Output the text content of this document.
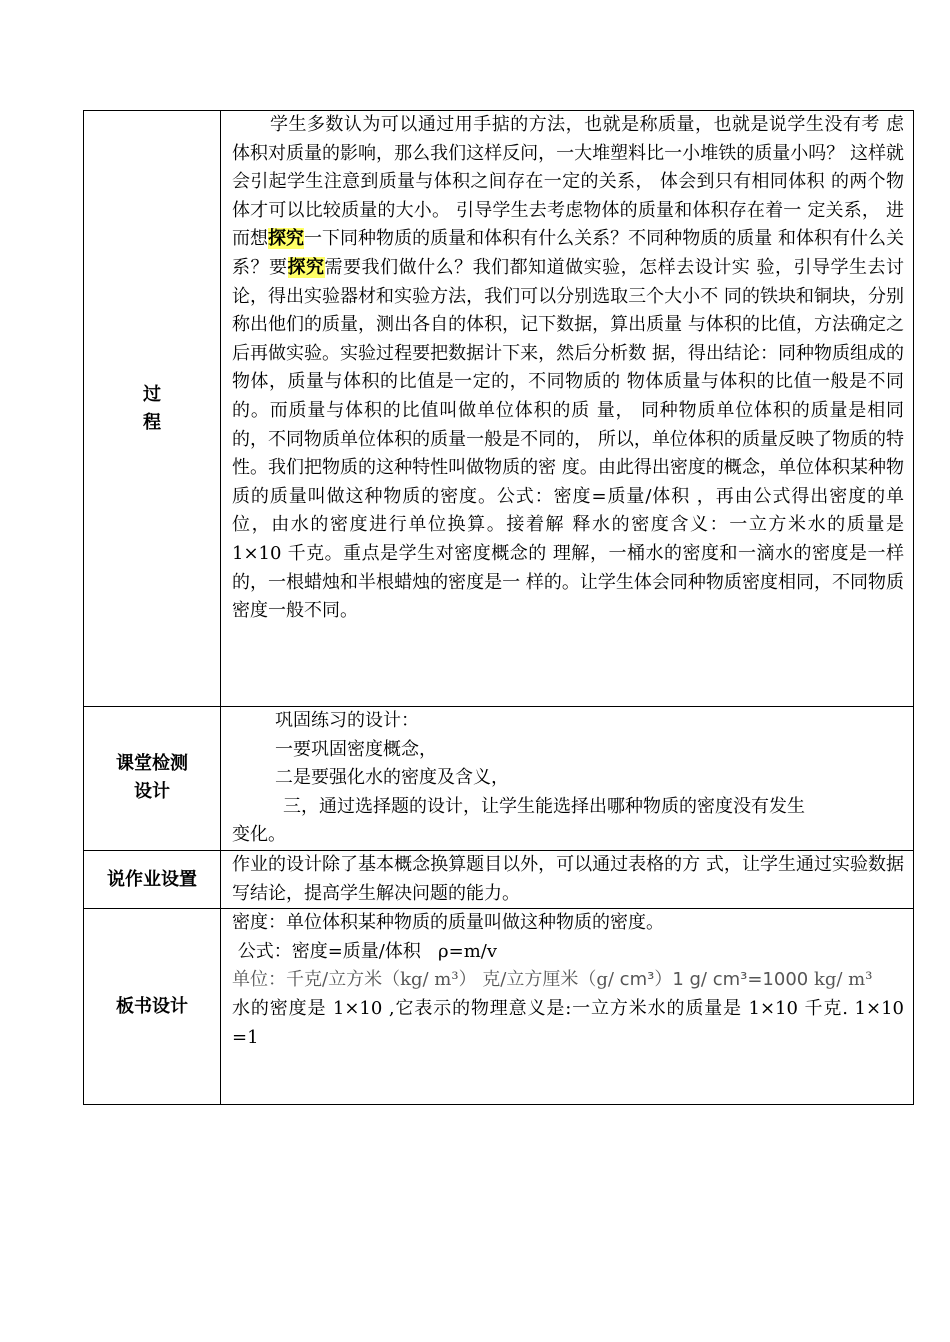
过
程	学生多数认为可以通过用手掂的方法，也就是称质量，也就是说学生没有考 虑体积对质量的影响，那么我们这样反问，一大堆塑料比一小堆铁的质量小吗？ 这样就会引起学生注意到质量与体积之间存在一定的关系， 体会到只有相同体积 的两个物体才可以比较质量的大小。 引导学生去考虑物体的质量和体积存在着一 定关系， 进而想探究一下同种物质的质量和体积有什么关系？不同种物质的质量 和体积有什么关系？要探究需要我们做什么？我们都知道做实验，怎样去设计实 验，引导学生去讨论，得出实验器材和实验方法，我们可以分别选取三个大小不 同的铁块和铜块，分别称出他们的质量，测出各自的体积，记下数据，算出质量 与体积的比值，方法确定之后再做实验。实验过程要把数据计下来，然后分析数 据，得出结论：同种物质组成的物体，质量与体积的比值是一定的，不同物质的 物体质量与体积的比值一般是不同的。而质量与体积的比值叫做单位体积的质 量， 同种物质单位体积的质量是相同的，不同物质单位体积的质量一般是不同的， 所以，单位体积的质量反映了物质的特性。我们把物质的这种特性叫做物质的密 度。由此得出密度的概念，单位体积某种物质的质量叫做这种物质的密度。公式：密度=质量/体积 ，再由公式得出密度的单位，由水的密度进行单位换算。接着解 释水的密度含义：一立方米水的质量是 1×10 千克。重点是学生对密度概念的 理解，一桶水的密度和一滴水的密度是一样的，一根蜡烛和半根蜡烛的密度是一 样的。让学生体会同种物质密度相同，不同物质密度一般不同。

课堂检测
设计	巩固练习的设计：
一要巩固密度概念，
二是要强化水的密度及含义，
三，通过选择题的设计，让学生能选择出哪种物质的密度没有发生
变化。
说作业设置	作业的设计除了基本概念换算题目以外，可以通过表格的方 式，让学生通过实验数据写结论，提高学生解决问题的能力。

板书设计	密度：单位体积某种物质的质量叫做这种物质的密度。
公式：密度=质量/体积   ρ=m/v
单位：千克/立方米（kg/ m³） 克/立方厘米（g/ cm³）1 g/ cm³=1000 kg/ m³
水的密度是 1×10 ,它表示的物理意义是:一立方米水的质量是 1×10 千克. 1×10 =1
